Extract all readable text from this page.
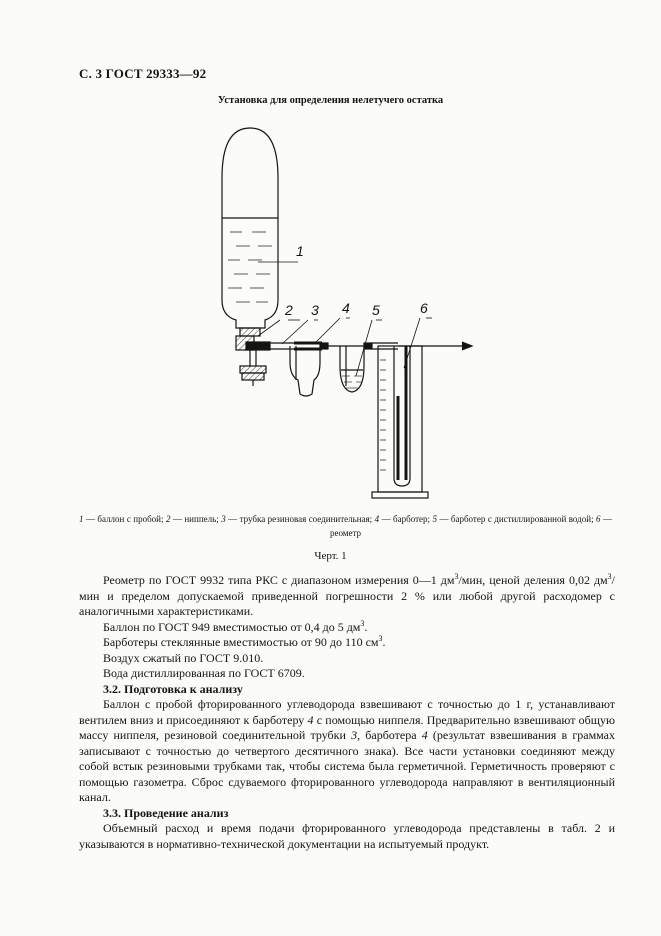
С. 3 ГОСТ 29333—92
Установка для определения нелетучего остатка
1
2 3 4 5	6
1 — баллон с пробой; 2 — ниппель; 3 — трубка резиновая соединительная; 4 — барботер; 5 — барботер с дистиллированной водой; 6 — реометр
Черт. 1

Реометр по ГОСТ 9932 типа РКС с диапазоном измерения 0—1 $дм^3$/мин, ценой деления 0,02 $дм^3$/мин и пределом допускаемой приведенной погрешности 2 % или любой другой расходомер с аналогичными характеристиками.

Баллон по ГОСТ 949 вместимостью от 0,4 до 5 $дм^3$.

Барботеры стеклянные вместимостью от 90 до 110 $см^3$.

Воздух сжатый по ГОСТ 9.010.

Вода дистиллированная по ГОСТ 6709.

3.2. Подготовка к анализу

Баллон с пробой фторированного углеводорода взвешивают с точностью до 1 г, устанавливают вентилем вниз и присоединяют к барботеру 4 с помощью ниппеля. Предварительно взвешивают общую массу ниппеля, резиновой соединительной трубки 3, барботера 4 (результат взвешивания в граммах записывают с точностью до четвертого десятичного знака). Все части установки соединяют между собой встык резиновыми трубками так, чтобы система была герметичной. Герметичность проверяют с помощью газометра. Сброс сдуваемого фторированного углеводорода направляют в вентиляционный канал.

3.3. Проведение анализ

Объемный расход и время подачи фторированного углеводорода представлены в табл. 2 и указываются в нормативно-технической документации на испытуемый продукт.
